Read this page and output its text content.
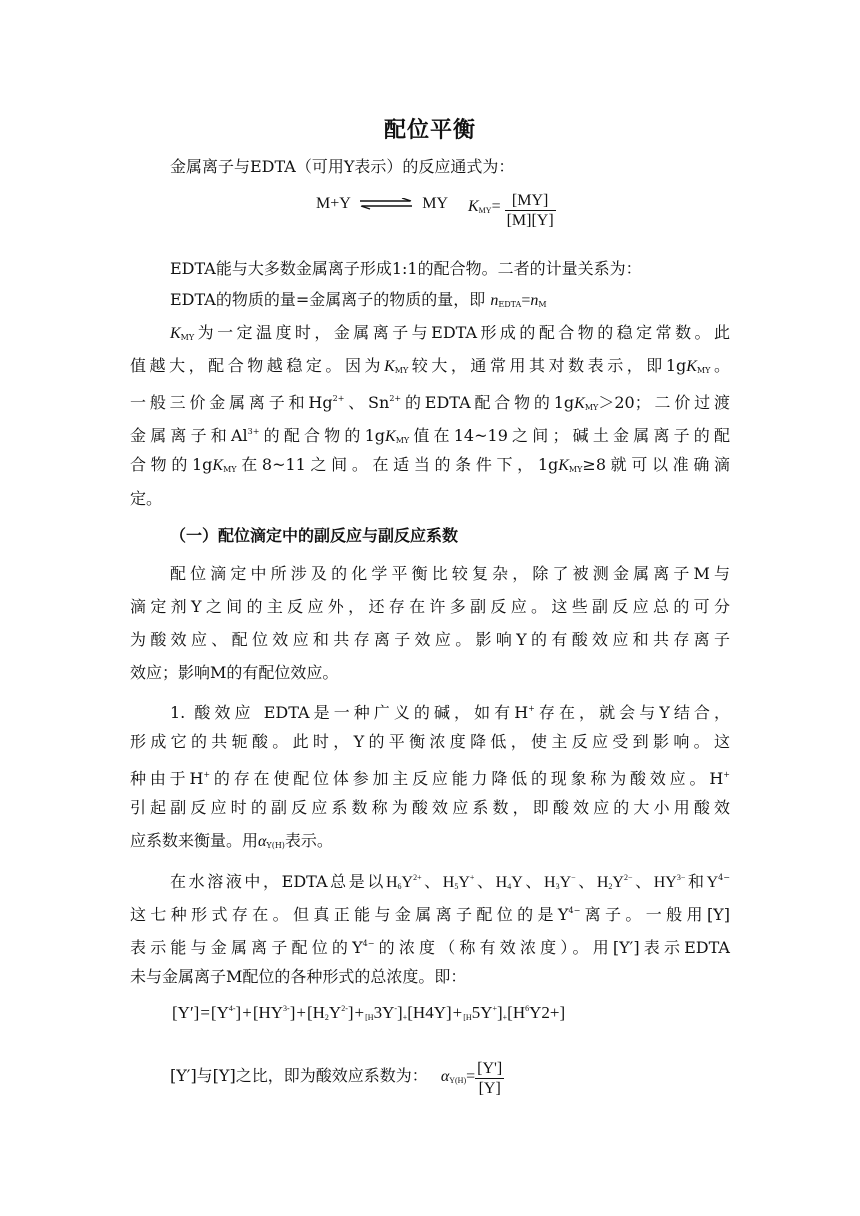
配位平衡
金属离子与EDTA（可用Y表示）的反应通式为：
M+Y ⇌ MY $K_{MY}= \frac{[MY]}{[M][Y]}$
EDTA能与大多数金属离子形成1:1的配合物。二者的计量关系为：
EDTA的物质的量=金属离子的物质的量，即 $n_{EDTA}=n_M$
$K_{MY}$为一定温度时，金属离子与EDTA形成的配合物的稳定常数。此
值越大，配合物越稳定。因为$K_{MY}$较大，通常用其对数表示，即$1gK_{MY}$。
一般三价金属离子和$Hg^{2+}$、$Sn^{2+}$的EDTA配合物的$1gK_{MY}>20$；二价过渡
金属离子和$Al^{3+}$的配合物的$1gK_{MY}$值在14~19之间；碱土金属离子的配
合物的$1gK_{MY}$在8~11之间。在适当的条件下，$1gK_{MY}\ge 8$就可以准确滴
定。
（一）配位滴定中的副反应与副反应系数
配位滴定中所涉及的化学平衡比较复杂，除了被测金属离子M与
滴定剂Y之间的主反应外，还存在许多副反应。这些副反应总的可分
为酸效应、配位效应和共存离子效应。影响Y的有酸效应和共存离子
效应；影响M的有配位效应。
1. 酸效应 EDTA是一种广义的碱，如有H+存在，就会与Y结合，
形成它的共轭酸。此时，Y的平衡浓度降低，使主反应受到影响。这
种由于H+的存在使配位体参加主反应能力降低的现象称为酸效应。H+
引起副反应时的副反应系数称为酸效应系数，即酸效应的大小用酸效
应系数来衡量。用$\alpha_{Y(H)}$表示。
在水溶液中，EDTA总是以$H_6Y^{2+}$、$H_5Y^+$、$H_4Y$、$H_3Y^-$、$H_2Y^{2-}$、$HY^{3-}$和$Y^{4-}$
这七种形式存在。但真正能与金属离子配位的是$Y^{4-}$离子。一般用[Y]
表示能与金属离子配位的$Y^{4-}$的浓度（称有效浓度）。用[Y′]表示EDTA
未与金属离子M配位的各种形式的总浓度。即：
$[Y']=[Y^{4-}]+[HY^{3-}]+[H_2Y^{2-}]+_{[H}3Y^-]_+[H4Y]+_{[H}5Y^+]_+[H^6Y2+]$
[Y′]与[Y]之比，即为酸效应系数为： $\alpha_{Y(H)}= \frac{[Y']}{[Y]}$
